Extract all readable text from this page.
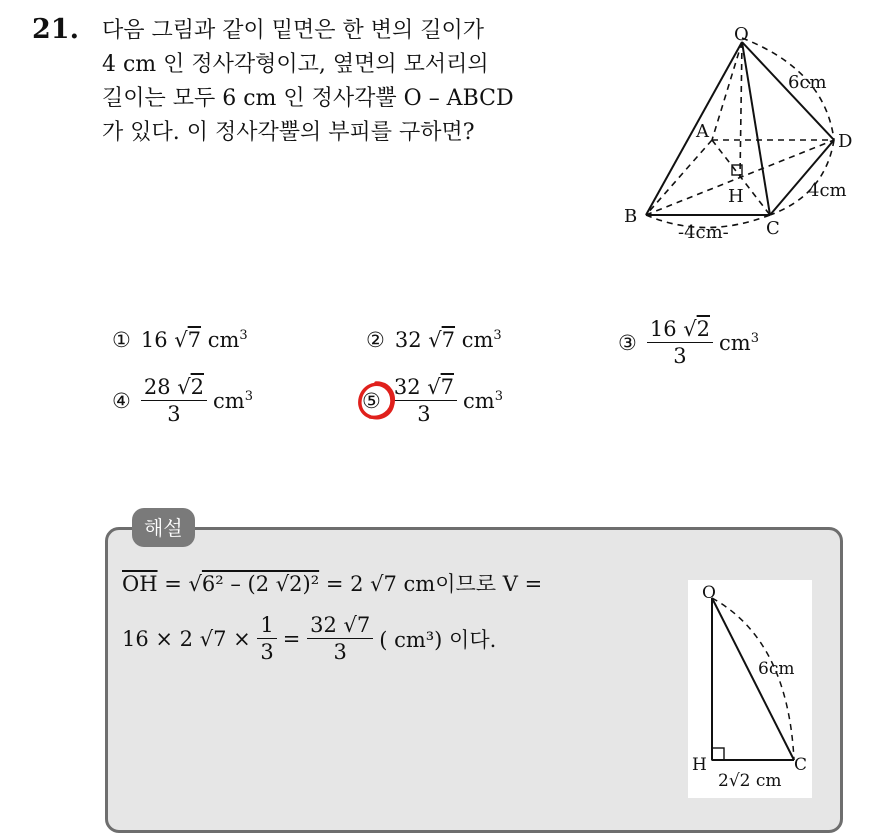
21. 다음 그림과 같이 밑면은 한 변의 길이가
4 cm 인 정사각형이고, 옆면의 모서리의
길이는 모두 6 cm 인 정사각뿔 O – ABCD
가 있다. 이 정사각뿔의 부피를 구하면?
O
A
B
C
D
H
6cm
4cm
-4cm-
① 16
√ 7
$cm^3$	② 32
√ 7
$cm^3$	③ $\frac{16 √2}{3} cm^3$
④ $\frac{28 √2}{3} cm^3$	⑤ $\frac{32 √7}{3} cm^3$
해설
$\overline{OH} = √6^2 - (2$ √2)² = 2 √7 cm이므로 V =
16 × 2 √7 ×
$\frac{1}{3}$ =
$\frac{32 √7}{3}$ ( cm³) 이다.
O
H	C
6cm
2√2 cm
